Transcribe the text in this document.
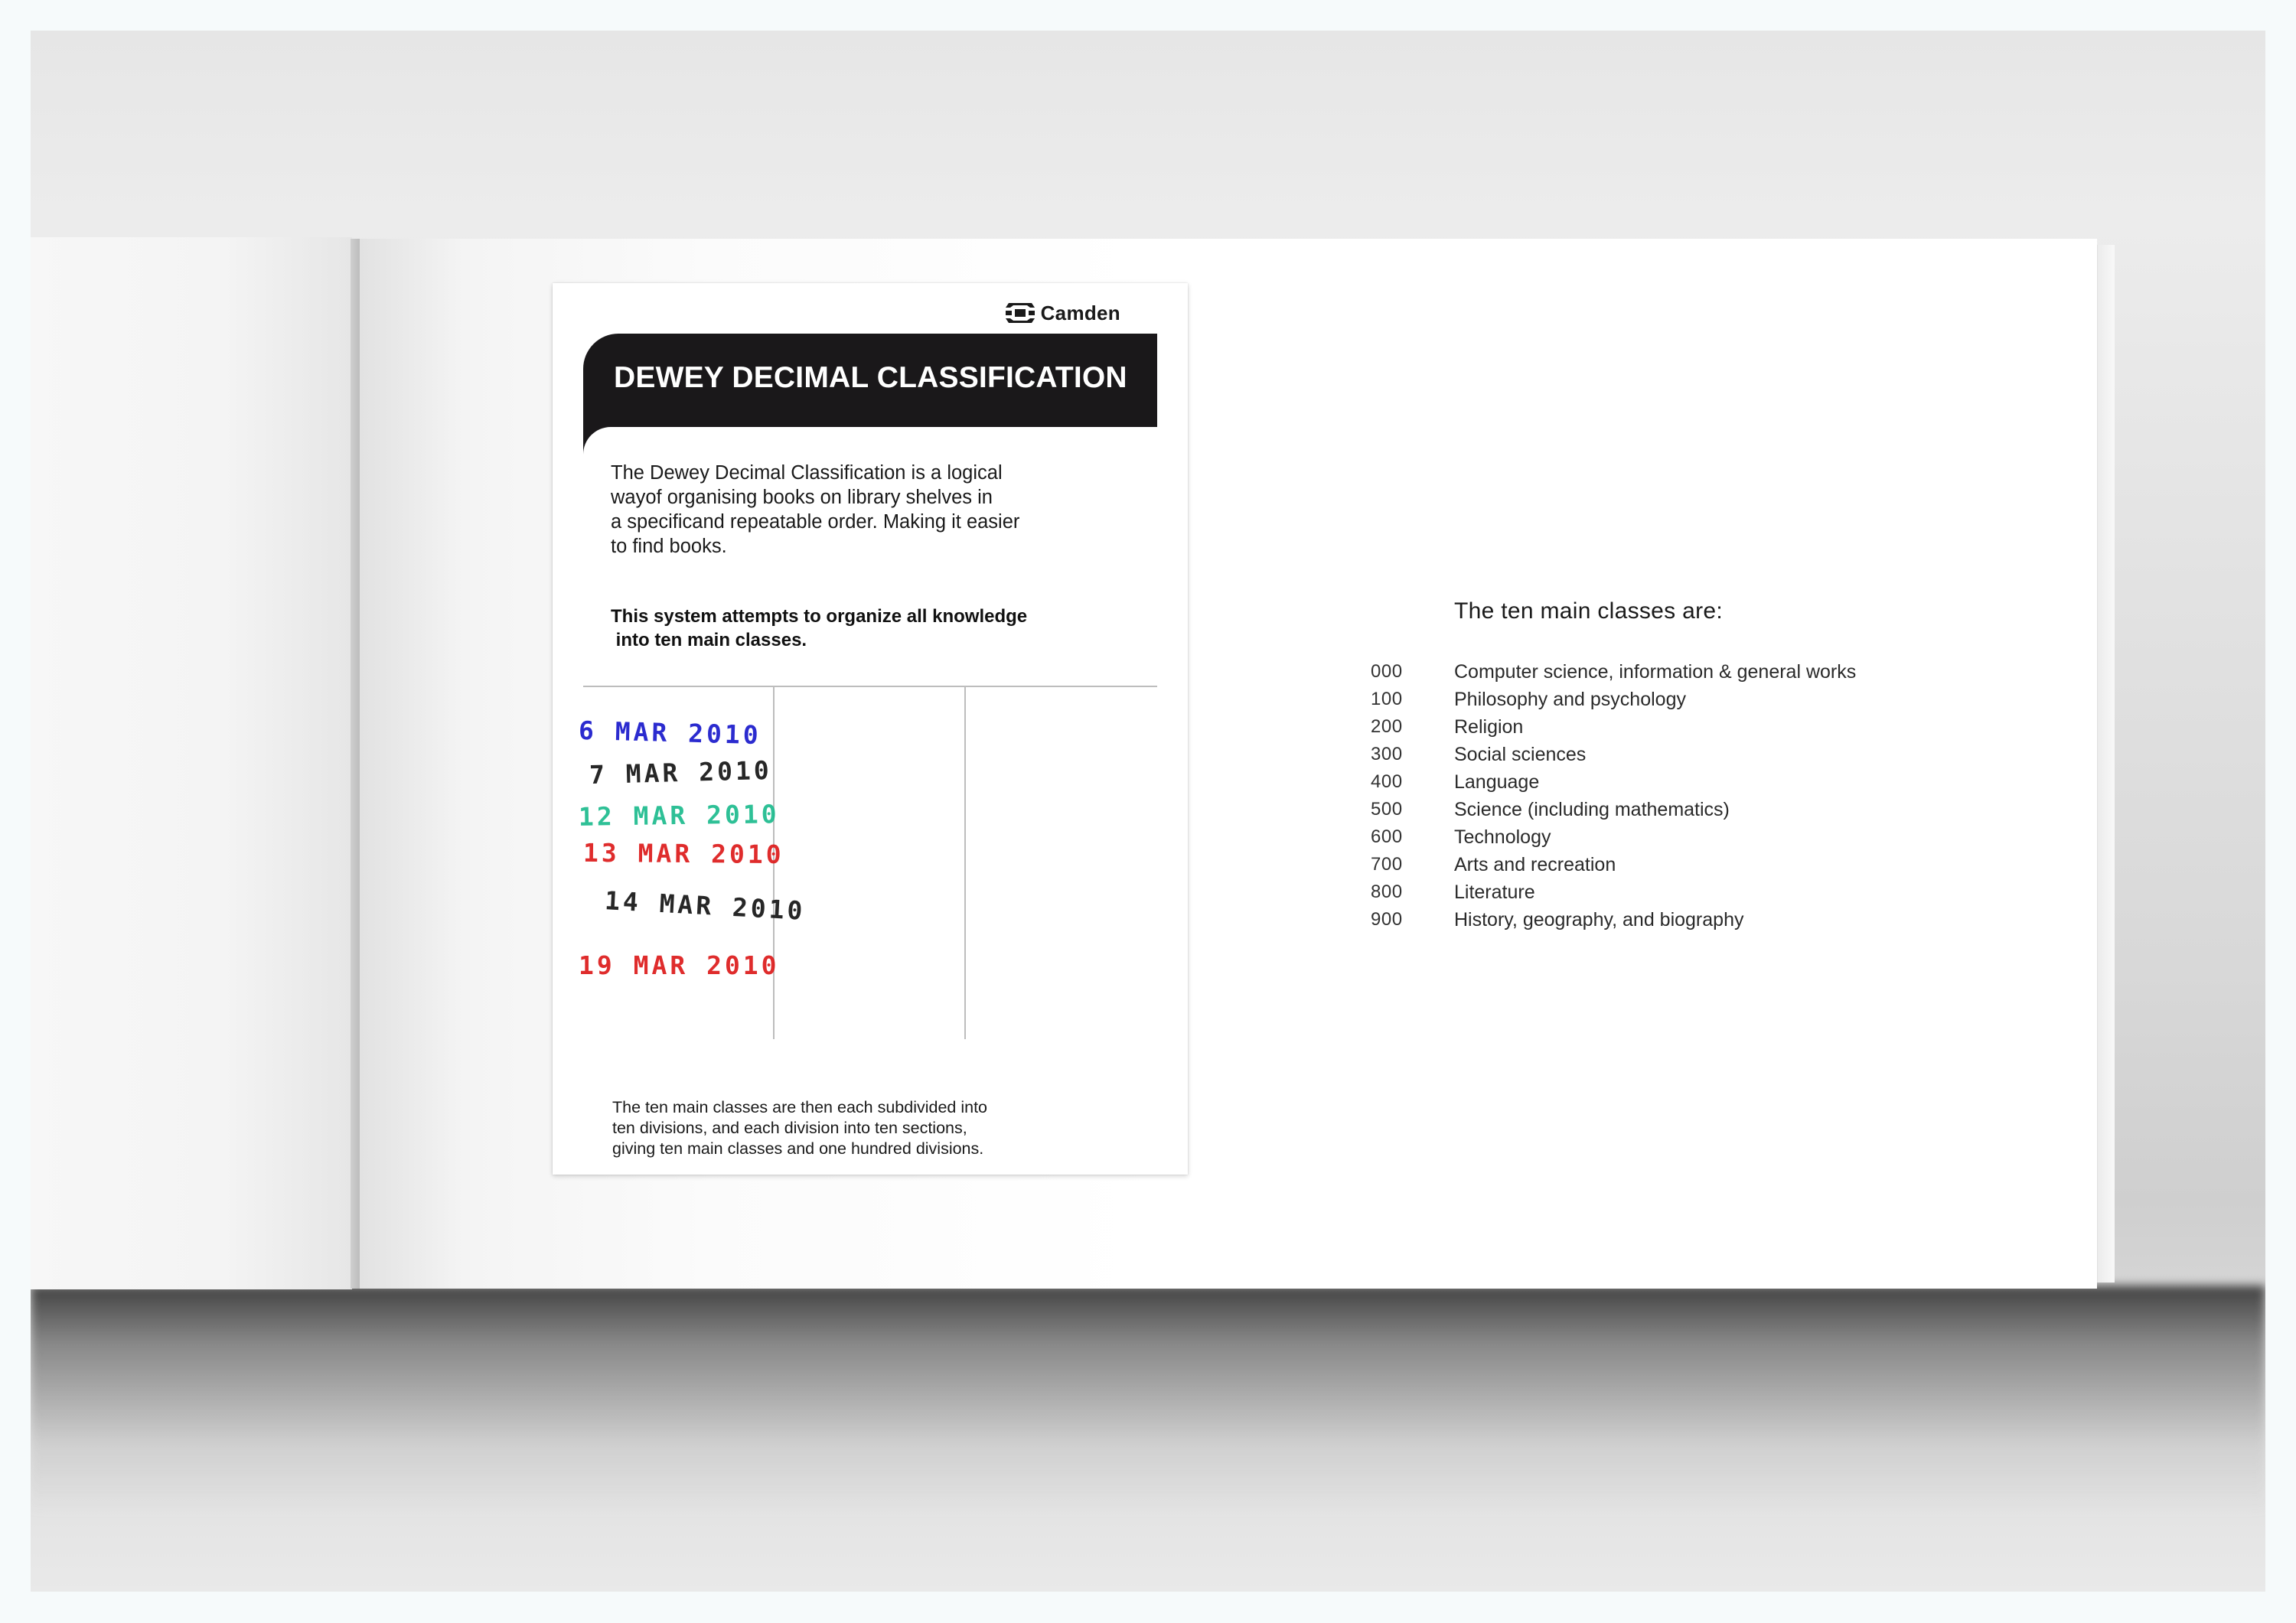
Camden
DEWEY DECIMAL CLASSIFICATION
The Dewey Decimal Classification is a logical
wayof organising books on library shelves in
a specificand repeatable order. Making it easier
to find books.
This system attempts to organize all knowledge
into ten main classes.
6 MAR 2010
7 MAR 2010
12 MAR 2010
13 MAR 2010
14 MAR 2010
19 MAR 2010
The ten main classes are then each subdivided into
ten divisions, and each division into ten sections,
giving ten main classes and one hundred divisions.
The ten main classes are:
000	Computer science, information & general works
100	Philosophy and psychology
200	Religion
300	Social sciences
400	Language
500	Science (including mathematics)
600	Technology
700	Arts and recreation
800	Literature
900	History, geography, and biography
